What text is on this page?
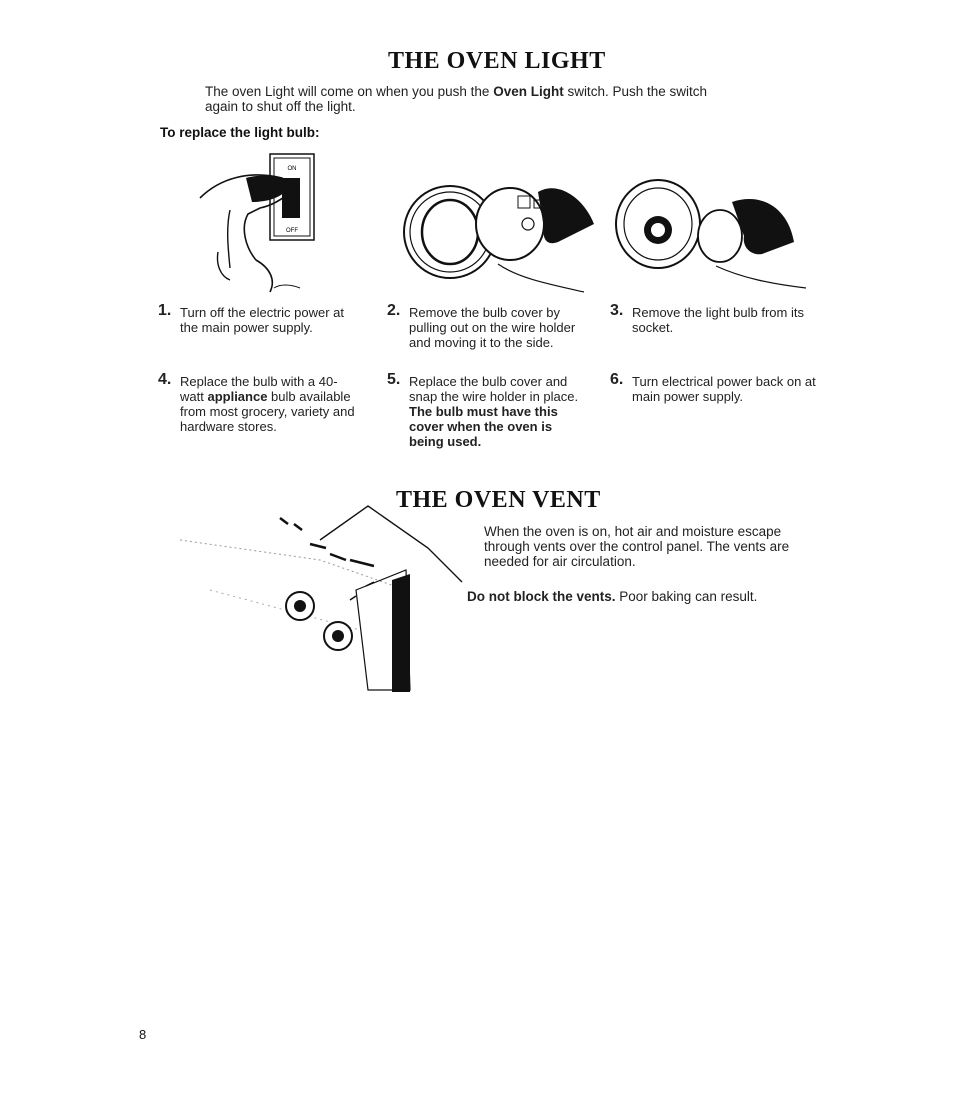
THE OVEN LIGHT
The oven Light will come on when you push the Oven Light switch. Push the switch
again to shut off the light.
To replace the light bulb:
ON
OFF
1. Turn off the electric power at the main power supply.
2. Remove the bulb cover by pulling out on the wire holder and moving it to the side.
3. Remove the light bulb from its socket.
4. Replace the bulb with a 40-watt appliance bulb available from most grocery, variety and hardware stores.
5. Replace the bulb cover and snap the wire holder in place. The bulb must have this cover when the oven is being used.
6. Turn electrical power back on at main power supply.
THE OVEN VENT
When the oven is on, hot air and moisture escape through vents over the control panel. The vents are needed for air circulation.
Do not block the vents. Poor baking can result.
8
